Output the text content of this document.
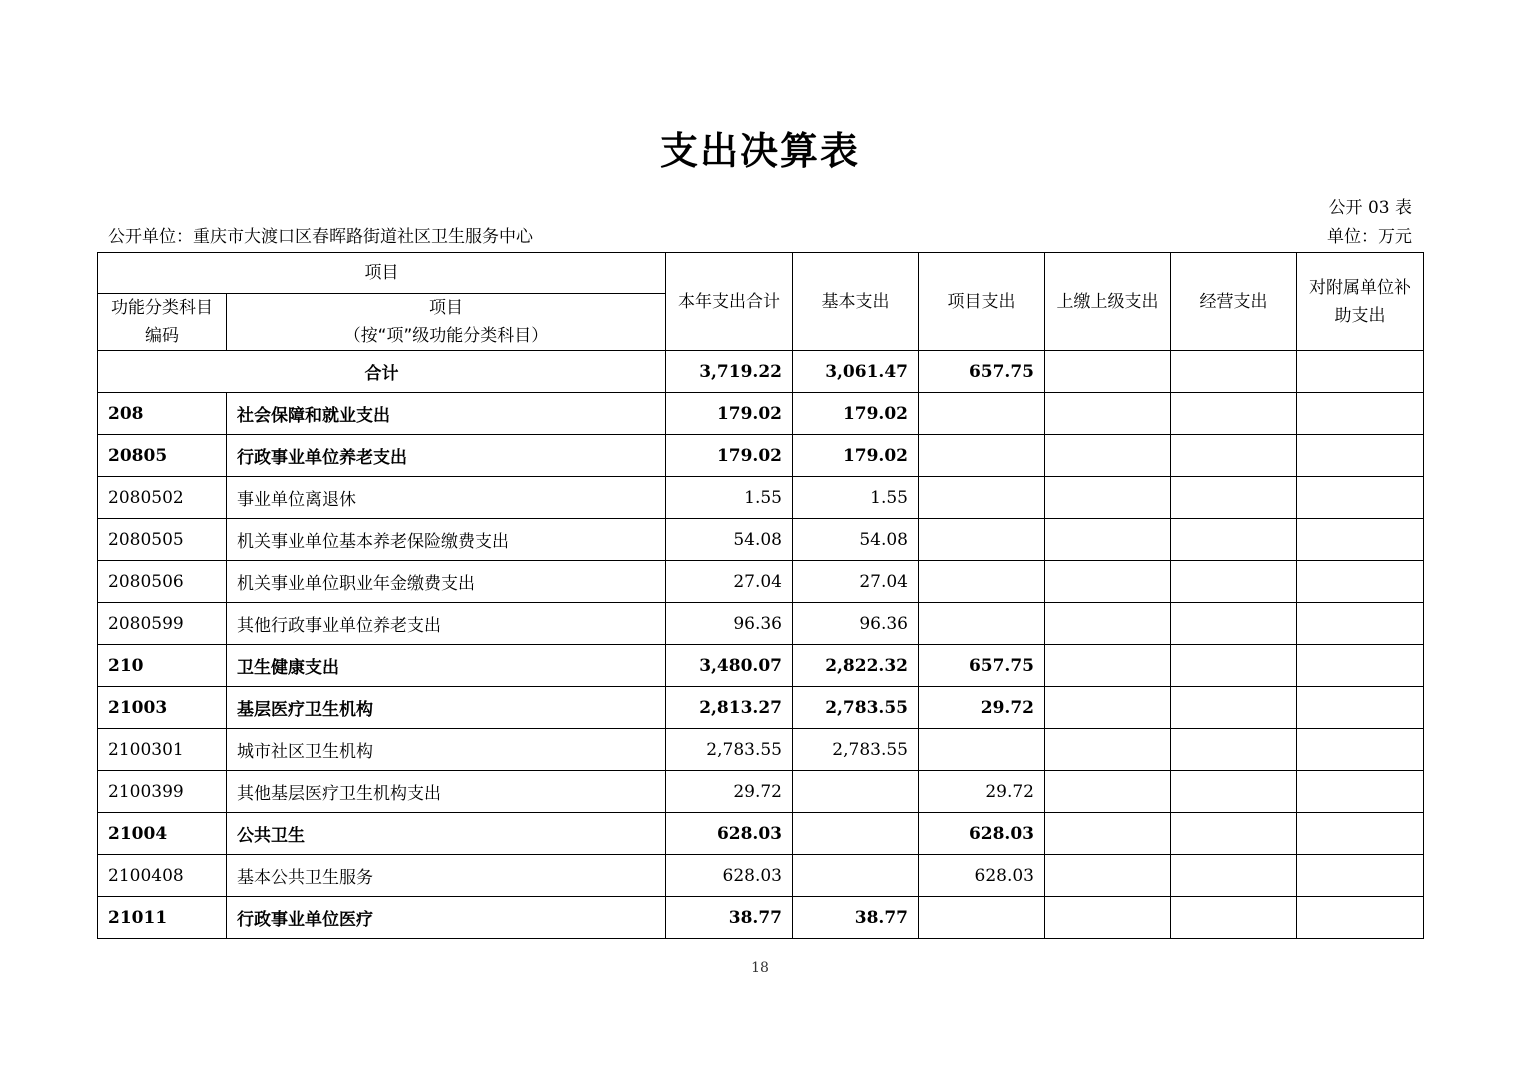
支出决算表
公开 03 表
公开单位：重庆市大渡口区春晖路街道社区卫生服务中心	单位：万元
项目		本年支出合计	基本支出	项目支出	上缴上级支出	经营支出	对附属单位补助支出
功能分类科目编码	项目
（按“项”级功能分类科目）						

合计		3,719.22	3,061.47	657.75			
208	社会保障和就业支出	179.02	179.02				
20805	行政事业单位养老支出	179.02	179.02				
2080502	事业单位离退休	1.55	1.55				
2080505	机关事业单位基本养老保险缴费支出	54.08	54.08				
2080506	机关事业单位职业年金缴费支出	27.04	27.04				
2080599	其他行政事业单位养老支出	96.36	96.36				
210	卫生健康支出	3,480.07	2,822.32	657.75			
21003	基层医疗卫生机构	2,813.27	2,783.55	29.72			
2100301	城市社区卫生机构	2,783.55	2,783.55				
2100399	其他基层医疗卫生机构支出	29.72		29.72			
21004	公共卫生	628.03		628.03			
2100408	基本公共卫生服务	628.03		628.03			
21011	行政事业单位医疗	38.77	38.77				
18
